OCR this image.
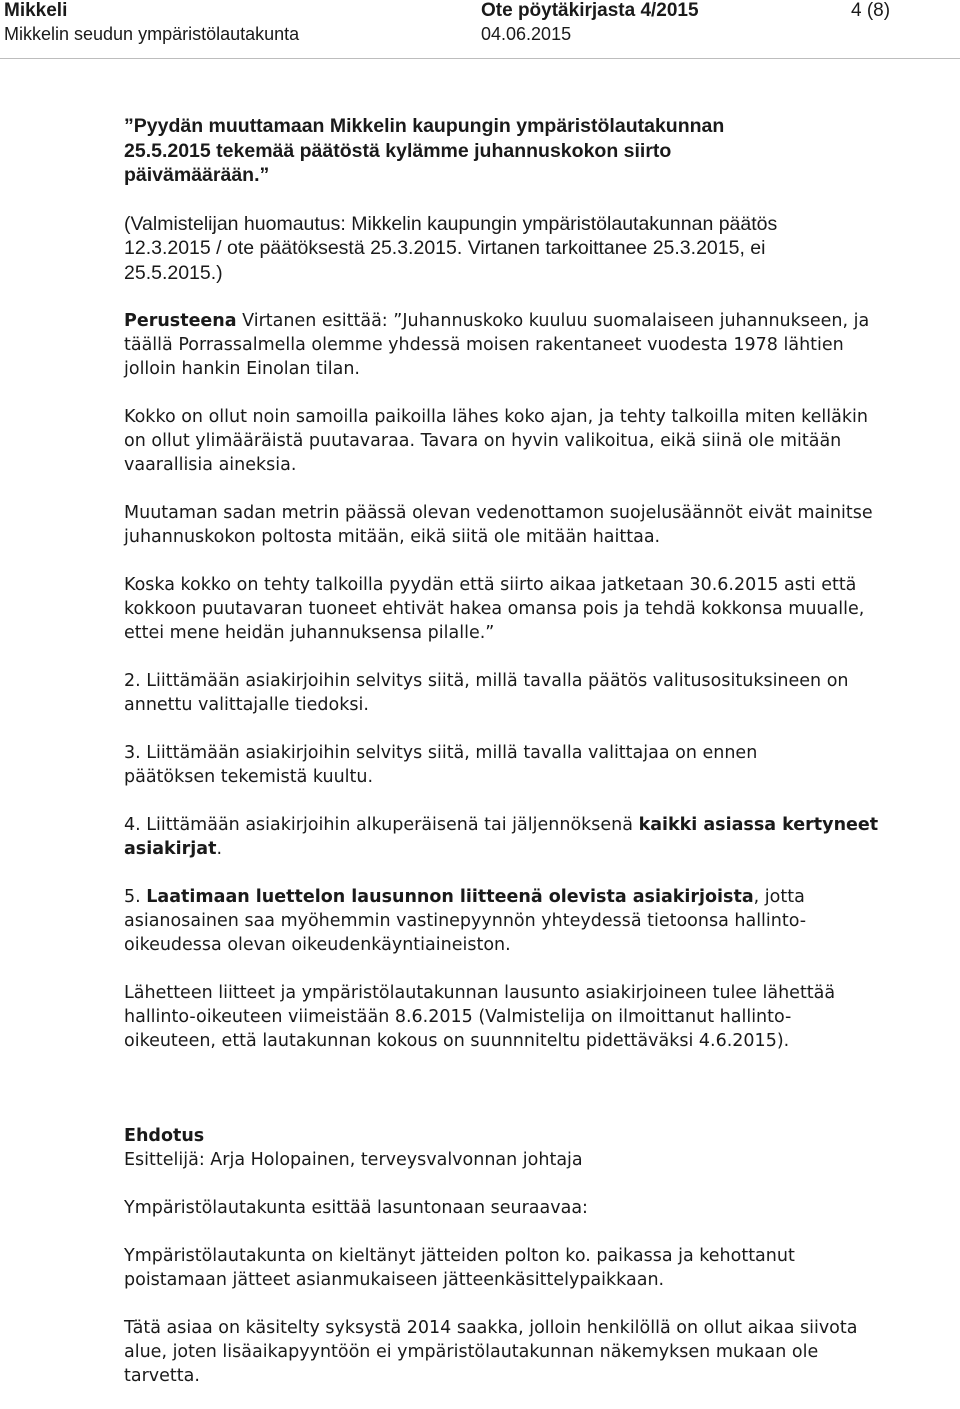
Mikkeli
Mikkelin seudun ympäristölautakunta
Ote pöytäkirjasta 4/2015
04.06.2015
4 (8)

”Pyydän muuttamaan Mikkelin kaupungin ympäristölautakunnan 25.5.2015 tekemää päätöstä kylämme juhannuskokon siirto päivämäärään.”

(Valmistelijan huomautus: Mikkelin kaupungin ympäristölautakunnan päätös 12.3.2015 / ote päätöksestä 25.3.2015. Virtanen tarkoittanee 25.3.2015, ei 25.5.2015.)

Perusteena Virtanen esittää: ”Juhannuskoko kuuluu suomalaiseen juhannukseen, ja täällä Porrassalmella olemme yhdessä moisen rakentaneet vuodesta 1978 lähtien jolloin hankin Einolan tilan.

Kokko on ollut noin samoilla paikoilla lähes koko ajan, ja tehty talkoilla miten kelläkin on ollut ylimääräistä puutavaraa. Tavara on hyvin valikoitua, eikä siinä ole mitään vaarallisia aineksia.

Muutaman sadan metrin päässä olevan vedenottamon suojelusäännöt eivät mainitse juhannuskokon poltosta mitään, eikä siitä ole mitään haittaa.

Koska kokko on tehty talkoilla pyydän että siirto aikaa jatketaan 30.6.2015 asti että kokkoon puutavaran tuoneet ehtivät hakea omansa pois ja tehdä kokkonsa muualle, ettei mene heidän juhannuksensa pilalle.”

2. Liittämään asiakirjoihin selvitys siitä, millä tavalla päätös valitusosituksineen on annettu valittajalle tiedoksi.

3. Liittämään asiakirjoihin selvitys siitä, millä tavalla valittajaa on ennen päätöksen tekemistä kuultu.

4. Liittämään asiakirjoihin alkuperäisenä tai jäljennöksenä kaikki asiassa kertyneet asiakirjat.

5. Laatimaan luettelon lausunnon liitteenä olevista asiakirjoista, jotta asianosainen saa myöhemmin vastinepyynnön yhteydessä tietoonsa hallinto-oikeudessa olevan oikeudenkäyntiaineiston.

Lähetteen liitteet ja ympäristölautakunnan lausunto asiakirjoineen tulee lähettää hallinto-oikeuteen viimeistään 8.6.2015 (Valmistelija on ilmoittanut hallinto-oikeuteen, että lautakunnan kokous on suunnniteltu pidettäväksi 4.6.2015).

Ehdotus

Esittelijä: Arja Holopainen, terveysvalvonnan johtaja

Ympäristölautakunta esittää lasuntonaan seuraavaa:

Ympäristölautakunta on kieltänyt jätteiden polton ko. paikassa ja kehottanut poistamaan jätteet asianmukaiseen jätteenkäsittelypaikkaan.

Tätä asiaa on käsitelty syksystä 2014 saakka, jolloin henkilöllä on ollut aikaa siivota alue, joten lisäaikapyyntöön ei ympäristölautakunnan näkemyksen mukaan ole tarvetta.
